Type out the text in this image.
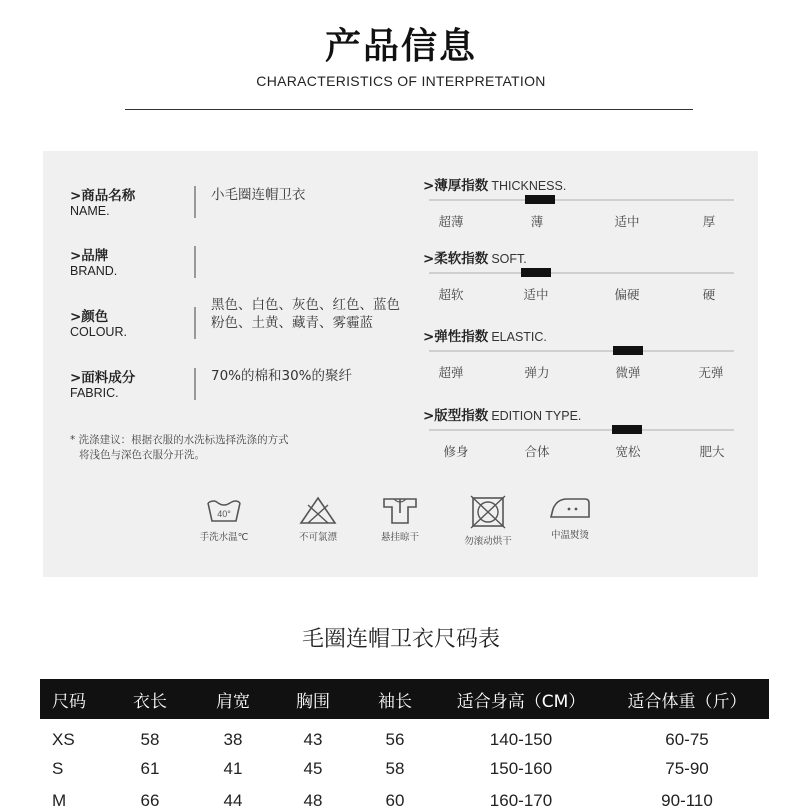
产品信息
CHARACTERISTICS OF INTERPRETATION
>商品名称
NAME.
小毛圈连帽卫衣
>品牌
BRAND.
>颜色
COLOUR.
黑色、白色、灰色、红色、蓝色
粉色、土黄、藏青、雾霾蓝
>面料成分
FABRIC.
70%的棉和30%的聚纤
* 洗涤建议：根据衣服的水洗标选择洗涤的方式
将浅色与深色衣服分开洗。
>薄厚指数 THICKNESS.
超薄	薄	适中	厚
>柔软指数 SOFT.
超软	适中	偏硬	硬
>弹性指数 ELASTIC.
超弹	弹力	微弹	无弹
>版型指数 EDITION TYPE.
修身	合体	宽松	肥大
40°
手洗水温℃	不可氯漂	悬挂晾干	勿滚动烘干
中温熨烫
毛圈连帽卫衣尺码表
尺码	衣长	肩宽	胸围	袖长	适合身高（CM）	适合体重（斤）
XS	58	38	43	56	140-150	60-75
S	61	41	45	58	150-160	75-90
M	66	44	48	60	160-170	90-110
